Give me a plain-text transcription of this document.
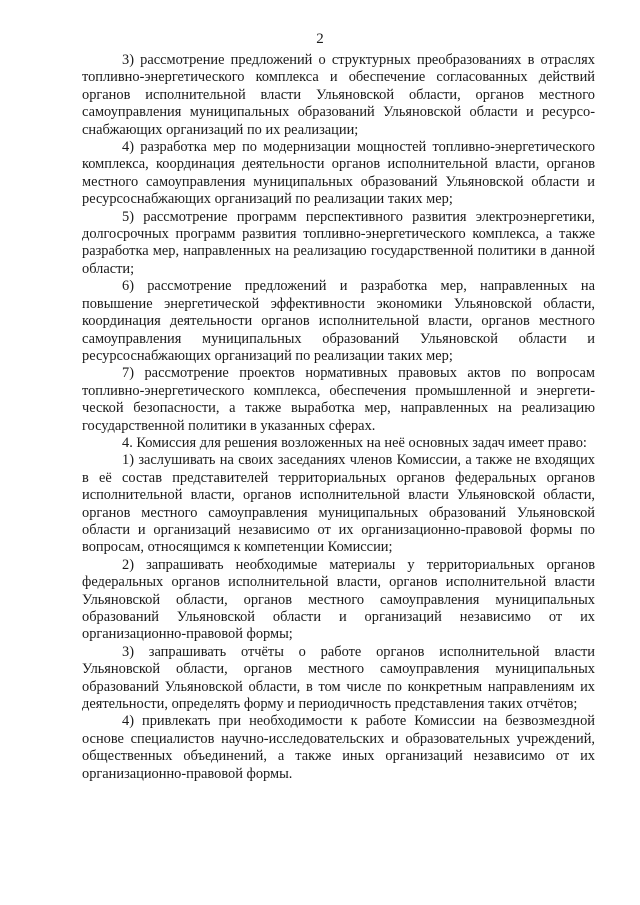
2

3) рассмотрение предложений о структурных преобразованиях в отраслях топливно-энергетического комплекса и обеспечение согласованных действий органов исполнительной власти Ульяновской области, органов местного самоуправления муниципальных образований Ульяновской области и ресурсоснабжающих организаций по их реализации;

4) разработка мер по модернизации мощностей топливно-энергетического комплекса, координация деятельности органов исполнительной власти, органов местного самоуправления муниципальных образований Ульяновской области и ресурсоснабжающих организаций по реализации таких мер;

5) рассмотрение программ перспективного развития электроэнергетики, долгосрочных программ развития топливно-энергетического комплекса, а также разработка мер, направленных на реализацию государственной политики в данной области;

6) рассмотрение предложений и разработка мер, направленных на повышение энергетической эффективности экономики Ульяновской области, координация деятельности органов исполнительной власти, органов местного самоуправления муниципальных образований Ульяновской области и ресурсоснабжающих организаций по реализации таких мер;

7) рассмотрение проектов нормативных правовых актов по вопросам топливно-энергетического комплекса, обеспечения промышленной и энергетической безопасности, а также выработка мер, направленных на реализацию государственной политики в указанных сферах.

4. Комиссия для решения возложенных на неё основных задач имеет право:

1) заслушивать на своих заседаниях членов Комиссии, а также не входящих в её состав представителей территориальных органов федеральных органов исполнительной власти, органов исполнительной власти Ульяновской области, органов местного самоуправления муниципальных образований Ульяновской области и организаций независимо от их организационно-правовой формы по вопросам, относящимся к компетенции Комиссии;

2) запрашивать необходимые материалы у территориальных органов федеральных органов исполнительной власти, органов исполнительной власти Ульяновской области, органов местного самоуправления муниципальных образований Ульяновской области и организаций независимо от их организационно-правовой формы;

3) запрашивать отчёты о работе органов исполнительной власти Ульяновской области, органов местного самоуправления муниципальных образований Ульяновской области, в том числе по конкретным направлениям их деятельности, определять форму и периодичность представления таких отчётов;

4) привлекать при необходимости к работе Комиссии на безвозмездной основе специалистов научно-исследовательских и образовательных учреждений, общественных объединений, а также иных организаций независимо от их организационно-правовой формы.
